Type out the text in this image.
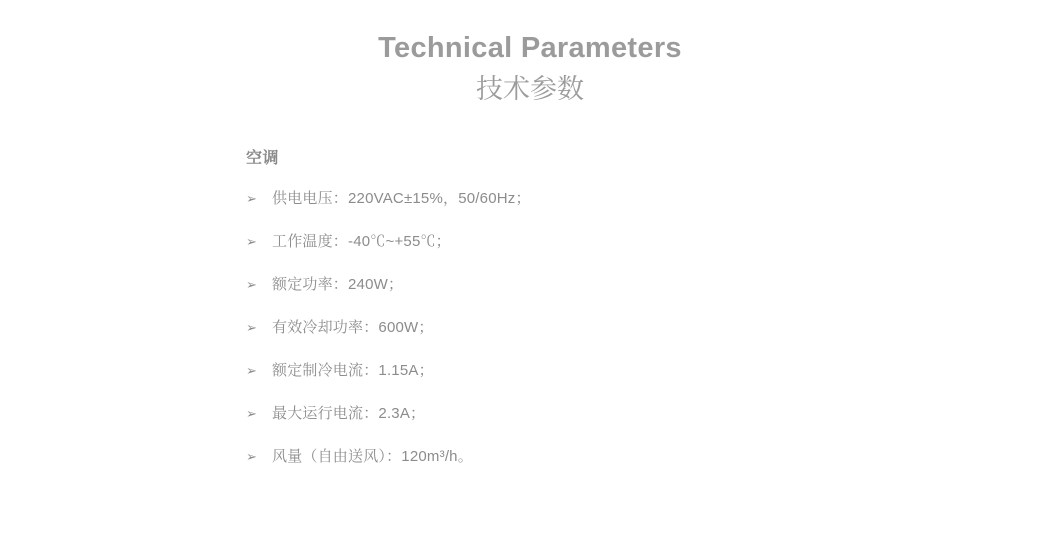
Technical Parameters
技术参数
空调
➢	供电电压：220VAC±15%，50/60Hz；
➢	工作温度：-40℃~+55℃；
➢	额定功率：240W；
➢	有效冷却功率：600W；
➢	额定制冷电流：1.15A；
➢	最大运行电流：2.3A；
➢	风量（自由送风）：120m³/h。
